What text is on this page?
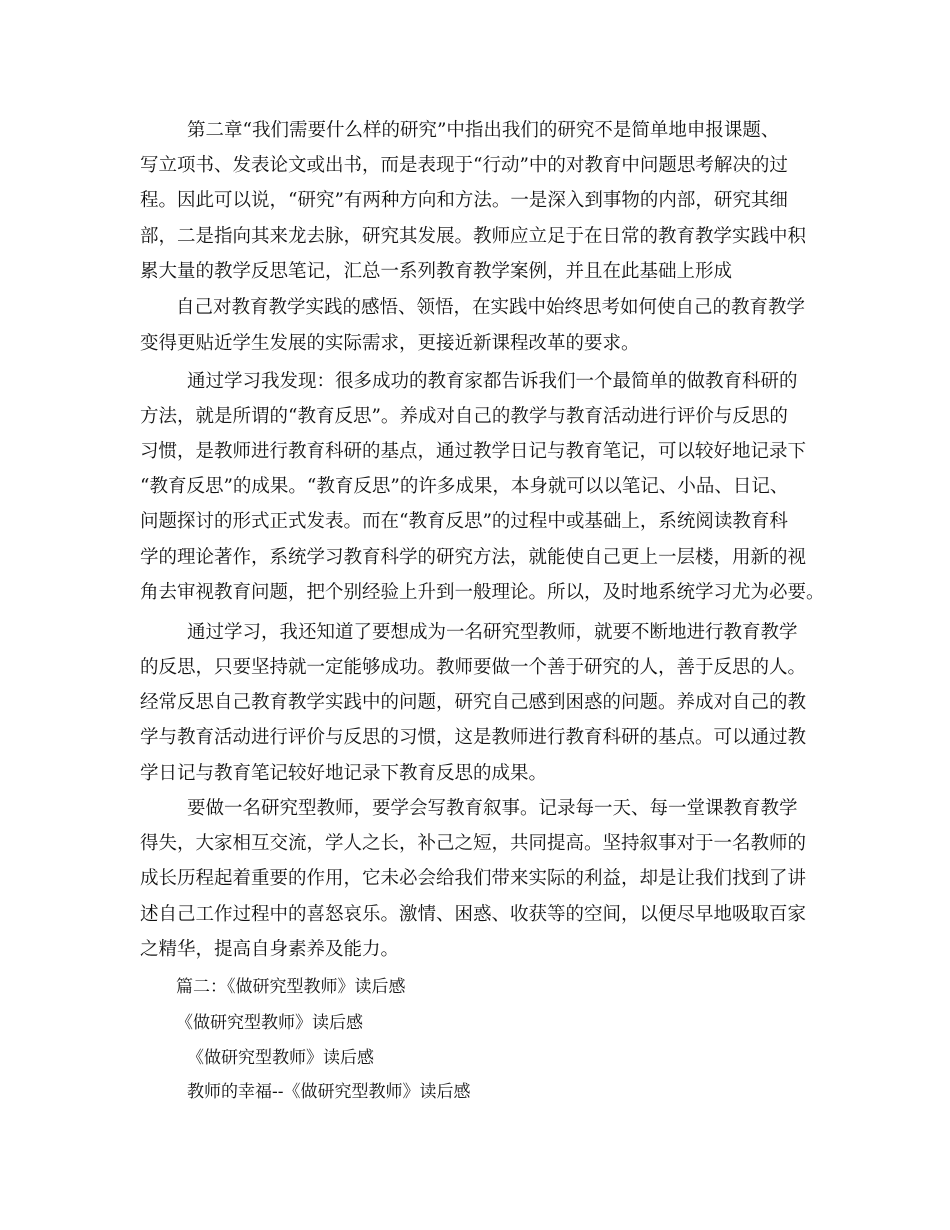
第二章“我们需要什么样的研究”中指出我们的研究不是简单地申报课题、

写立项书、发表论文或出书，而是表现于“行动”中的对教育中问题思考解决的过

程。因此可以说，“研究”有两种方向和方法。一是深入到事物的内部，研究其细

部，二是指向其来龙去脉，研究其发展。教师应立足于在日常的教育教学实践中积

累大量的教学反思笔记，汇总一系列教育教学案例，并且在此基础上形成

自己对教育教学实践的感悟、领悟，在实践中始终思考如何使自己的教育教学

变得更贴近学生发展的实际需求，更接近新课程改革的要求。

通过学习我发现：很多成功的教育家都告诉我们一个最简单的做教育科研的

方法，就是所谓的“教育反思”。养成对自己的教学与教育活动进行评价与反思的

习惯，是教师进行教育科研的基点，通过教学日记与教育笔记，可以较好地记录下

“教育反思”的成果。“教育反思”的许多成果，本身就可以以笔记、小品、日记、

问题探讨的形式正式发表。而在“教育反思”的过程中或基础上，系统阅读教育科

学的理论著作，系统学习教育科学的研究方法，就能使自己更上一层楼，用新的视

角去审视教育问题，把个别经验上升到一般理论。所以，及时地系统学习尤为必要。

通过学习，我还知道了要想成为一名研究型教师，就要不断地进行教育教学

的反思，只要坚持就一定能够成功。教师要做一个善于研究的人，善于反思的人。

经常反思自己教育教学实践中的问题，研究自己感到困惑的问题。养成对自己的教

学与教育活动进行评价与反思的习惯，这是教师进行教育科研的基点。可以通过教

学日记与教育笔记较好地记录下教育反思的成果。

要做一名研究型教师，要学会写教育叙事。记录每一天、每一堂课教育教学

得失，大家相互交流，学人之长，补己之短，共同提高。坚持叙事对于一名教师的

成长历程起着重要的作用，它未必会给我们带来实际的利益，却是让我们找到了讲

述自己工作过程中的喜怒哀乐。激情、困惑、收获等的空间，以便尽早地吸取百家

之精华，提高自身素养及能力。

篇二：《做研究型教师》读后感

《做研究型教师》读后感

《做研究型教师》读后感

教师的幸福--《做研究型教师》读后感
